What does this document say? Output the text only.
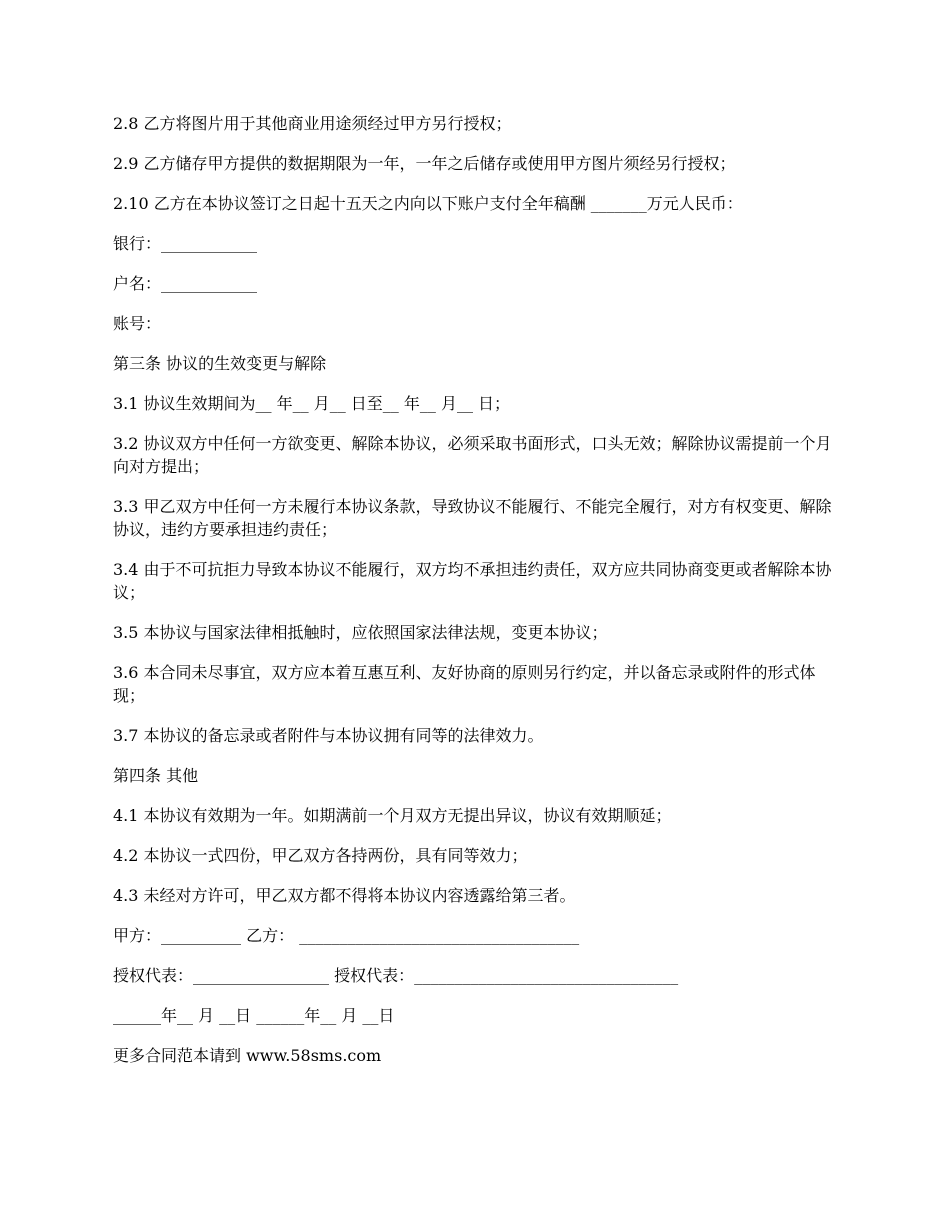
2.8 乙方将图片用于其他商业用途须经过甲方另行授权；

2.9 乙方储存甲方提供的数据期限为一年，一年之后储存或使用甲方图片须经另行授权；

2.10 乙方在本协议签订之日起十五天之内向以下账户支付全年稿酬 _______万元人民币：

银行：____________

户名：____________

账号：

第三条 协议的生效变更与解除

3.1 协议生效期间为__ 年__ 月__ 日至__ 年__ 月__ 日；

3.2 协议双方中任何一方欲变更、解除本协议，必须采取书面形式，口头无效；解除协议需提前一个月向对方提出；

3.3 甲乙双方中任何一方未履行本协议条款，导致协议不能履行、不能完全履行，对方有权变更、解除协议，违约方要承担违约责任；

3.4 由于不可抗拒力导致本协议不能履行，双方均不承担违约责任，双方应共同协商变更或者解除本协议；

3.5 本协议与国家法律相抵触时，应依照国家法律法规，变更本协议；

3.6 本合同未尽事宜，双方应本着互惠互利、友好协商的原则另行约定，并以备忘录或附件的形式体现；

3.7 本协议的备忘录或者附件与本协议拥有同等的法律效力。

第四条 其他

4.1 本协议有效期为一年。如期满前一个月双方无提出异议，协议有效期顺延；

4.2 本协议一式四份，甲乙双方各持两份，具有同等效力；

4.3 未经对方许可，甲乙双方都不得将本协议内容透露给第三者。

甲方：__________ 乙方： ___________________________________

授权代表：_________________ 授权代表：_________________________________

______年__ 月 __日 ______年__ 月 __日

更多合同范本请到 www.58sms.com
